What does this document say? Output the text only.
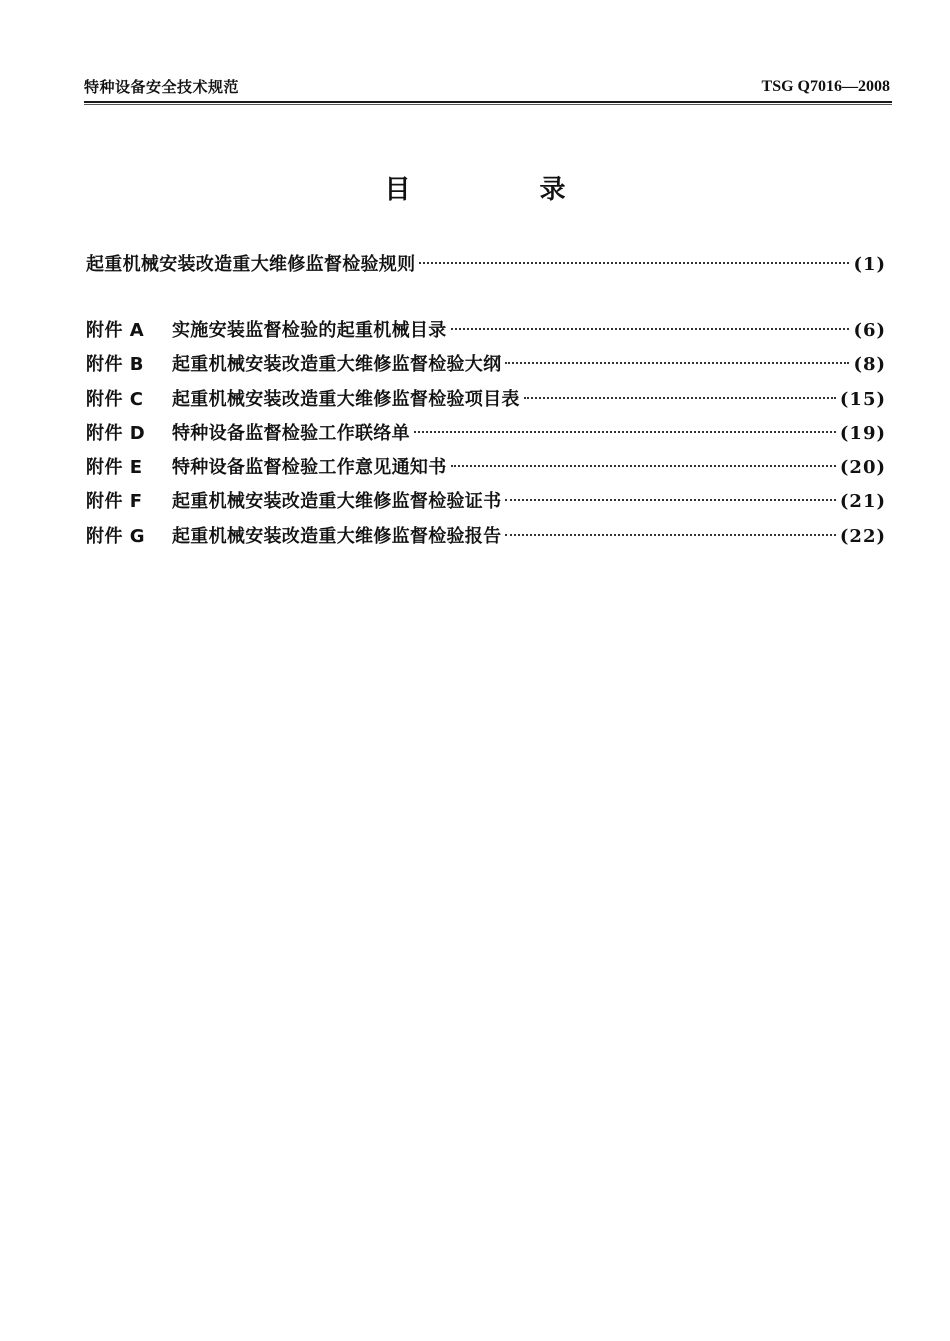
特种设备安全技术规范	TSG Q7016—2008
目 录
起重机械安装改造重大维修监督检验规则	(1)
附件 A	实施安装监督检验的起重机械目录	(6)
附件 B	起重机械安装改造重大维修监督检验大纲	(8)
附件 C	起重机械安装改造重大维修监督检验项目表	(15)
附件 D	特种设备监督检验工作联络单	(19)
附件 E	特种设备监督检验工作意见通知书	(20)
附件 F	起重机械安装改造重大维修监督检验证书	(21)
附件 G	起重机械安装改造重大维修监督检验报告	(22)
